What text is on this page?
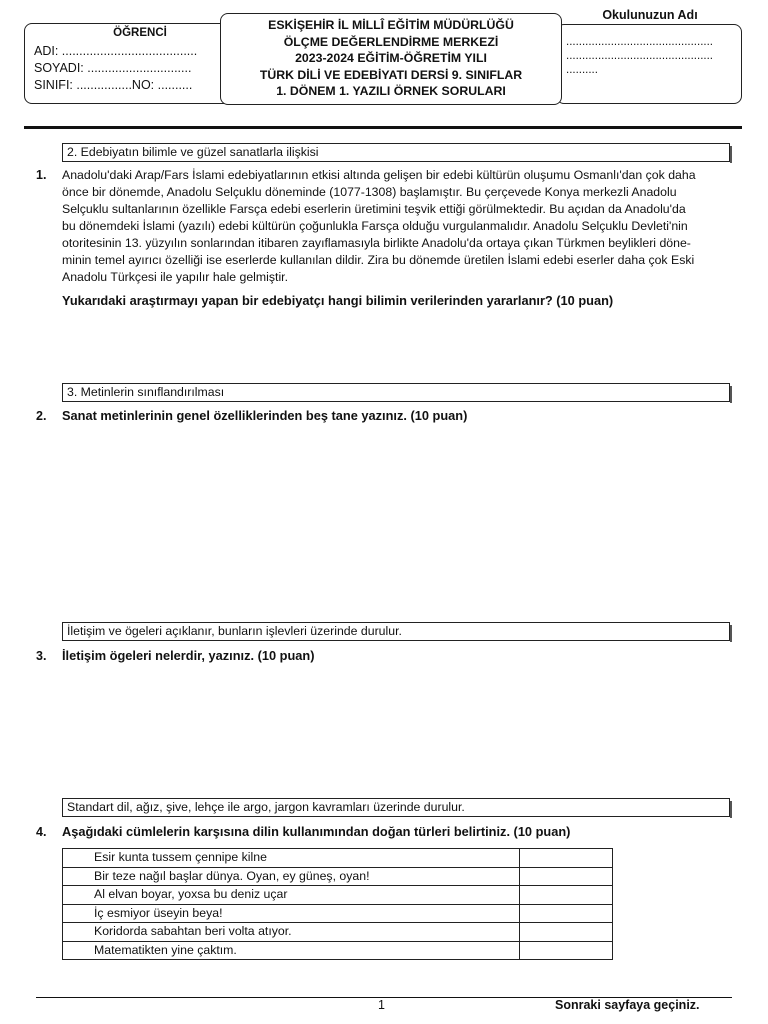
ÖĞRENCİ
ADI: .......................................
SOYADI: ..............................
SINIFI: ................NO: ..........
..............................................
..............................................
..........
Okulunuzun Adı
ESKİŞEHİR İL MİLLÎ EĞİTİM MÜDÜRLÜĞÜ
ÖLÇME DEĞERLENDİRME MERKEZİ
2023-2024 EĞİTİM-ÖĞRETİM YILI
TÜRK DİLİ VE EDEBİYATI DERSİ 9. SINIFLAR
1. DÖNEM 1. YAZILI ÖRNEK SORULARI
2. Edebiyatın bilimle ve güzel sanatlarla ilişkisi
1. Anadolu'daki Arap/Fars İslami edebiyatlarının etkisi altında gelişen bir edebi kültürün oluşumu Osmanlı'dan çok daha
önce bir dönemde, Anadolu Selçuklu döneminde (1077-1308) başlamıştır. Bu çerçevede Konya merkezli Anadolu
Selçuklu sultanlarının özellikle Farsça edebi eserlerin üretimini teşvik ettiği görülmektedir. Bu açıdan da Anadolu'da
bu dönemdeki İslami (yazılı) edebi kültürün çoğunlukla Farsça olduğu vurgulanmalıdır. Anadolu Selçuklu Devleti'nin
otoritesinin 13. yüzyılın sonlarından itibaren zayıflamasıyla birlikte Anadolu'da ortaya çıkan Türkmen beylikleri döne-
minin temel ayırıcı özelliği ise eserlerde kullanılan dildir. Zira bu dönemde üretilen İslami edebi eserler daha çok Eski
Anadolu Türkçesi ile yapılır hale gelmiştir.
Yukarıdaki araştırmayı yapan bir edebiyatçı hangi bilimin verilerinden yararlanır? (10 puan)
3. Metinlerin sınıflandırılması
2. Sanat metinlerinin genel özelliklerinden beş tane yazınız. (10 puan)
İletişim ve ögeleri açıklanır, bunların işlevleri üzerinde durulur.
3. İletişim ögeleri nelerdir, yazınız. (10 puan)
Standart dil, ağız, şive, lehçe ile argo, jargon kavramları üzerinde durulur.
4. Aşağıdaki cümlelerin karşısına dilin kullanımından doğan türleri belirtiniz. (10 puan)
Esir kunta tussem çennipe kilne	
Bir teze nağıl başlar dünya. Oyan, ey güneş, oyan!	
Al elvan boyar, yoxsa bu deniz uçar	
İç esmiyor üseyin beya!	
Koridorda sabahtan beri volta atıyor.	
Matematikten yine çaktım.	
1	Sonraki sayfaya geçiniz.
